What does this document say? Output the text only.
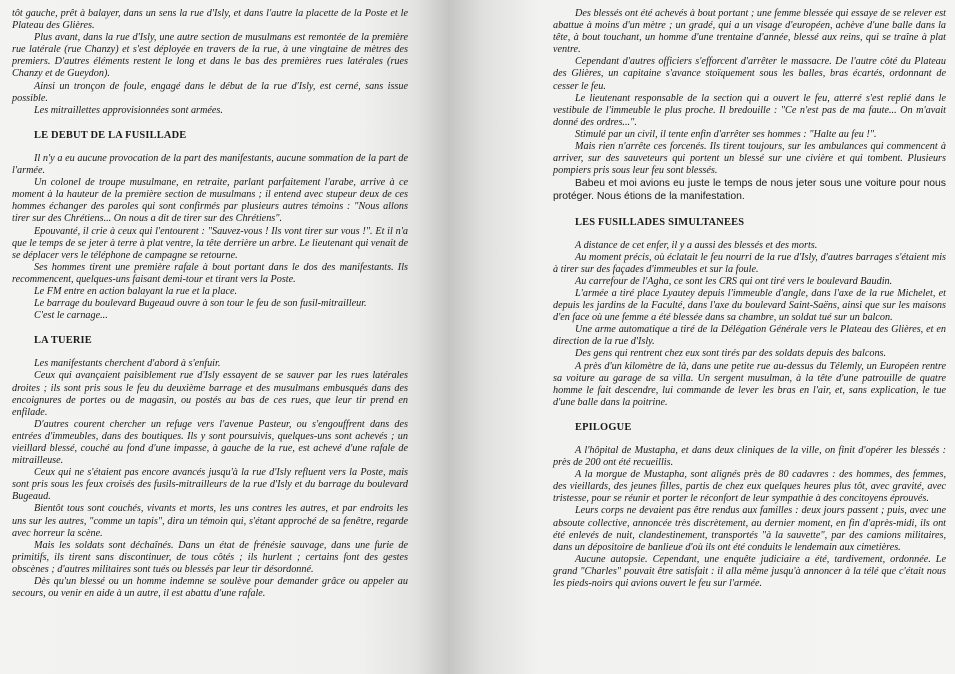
tôt gauche, prêt à balayer, dans un sens la rue d'Isly, et dans l'autre la placette de la Poste et le Plateau des Glières.

Plus avant, dans la rue d'Isly, une autre section de musulmans est remontée de la première rue latérale (rue Chanzy) et s'est déployée en travers de la rue, à une vingtaine de mètres des premiers. D'autres éléments restent le long et dans le bas des premières rues latérales (rues Chanzy et de Gueydon).

Ainsi un tronçon de foule, engagé dans le début de la rue d'Isly, est cerné, sans issue possible.

Les mitraillettes approvisionnées sont armées.

LE DEBUT DE LA FUSILLADE

Il n'y a eu aucune provocation de la part des manifestants, aucune sommation de la part de l'armée.

Un colonel de troupe musulmane, en retraite, parlant parfaitement l'arabe, arrive à ce moment à la hauteur de la première section de musulmans ; il entend avec stupeur deux de ces hommes échanger des paroles qui sont confirmés par plusieurs autres témoins : "Nous allons tirer sur des Chrétiens... On nous a dit de tirer sur des Chrétiens".

Epouvanté, il crie à ceux qui l'entourent : "Sauvez-vous ! Ils vont tirer sur vous !". Et il n'a que le temps de se jeter à terre à plat ventre, la tête derrière un arbre. Le lieutenant qui venait de se déplacer vers le téléphone de campagne se retourne.

Ses hommes tirent une première rafale à bout portant dans le dos des manifestants. Ils recommencent, quelques-uns faisant demi-tour et tirant vers la Poste.

Le FM entre en action balayant la rue et la place.

Le barrage du boulevard Bugeaud ouvre à son tour le feu de son fusil-mitrailleur.

C'est le carnage...

LA TUERIE

Les manifestants cherchent d'abord à s'enfuir.

Ceux qui avançaient paisiblement rue d'Isly essayent de se sauver par les rues latérales droites ; ils sont pris sous le feu du deuxième barrage et des musulmans embusqués dans des encoignures de portes ou de magasin, ou postés au bas de ces rues, que leur tir prend en enfilade.

D'autres courent chercher un refuge vers l'avenue Pasteur, ou s'engouffrent dans des entrées d'immeubles, dans des boutiques. Ils y sont poursuivis, quelques-uns sont achevés ; un vieillard blessé, couché au fond d'une impasse, à gauche de la rue, est achevé d'une rafale de mitrailleuse.

Ceux qui ne s'étaient pas encore avancés jusqu'à la rue d'Isly refluent vers la Poste, mais sont pris sous les feux croisés des fusils-mitrailleurs de la rue d'Isly et du barrage du boulevard Bugeaud.

Bientôt tous sont couchés, vivants et morts, les uns contres les autres, et par endroits les uns sur les autres, "comme un tapis", dira un témoin qui, s'étant approché de sa fenêtre, regarde avec horreur la scène.

Mais les soldats sont déchaînés. Dans un état de frénésie sauvage, dans une furie de primitifs, ils tirent sans discontinuer, de tous côtés ; ils hurlent ; certains font des gestes obscènes ; d'autres militaires sont tués ou blessés par leur tir désordonné.

Dès qu'un blessé ou un homme indemne se soulève pour demander grâce ou appeler au secours, ou venir en aide à un autre, il est abattu d'une rafale.

Des blessés ont été achevés à bout portant ; une femme blessée qui essaye de se relever est abattue à moins d'un mètre ; un gradé, qui a un visage d'européen, achève d'une balle dans la tête, à bout touchant, un homme d'une trentaine d'année, blessé aux reins, qui se traîne à plat ventre.

Cependant d'autres officiers s'efforcent d'arrêter le massacre. De l'autre côté du Plateau des Glières, un capitaine s'avance stoïquement sous les balles, bras écartés, ordonnant de cesser le feu.

Le lieutenant responsable de la section qui a ouvert le feu, atterré s'est replié dans le vestibule de l'immeuble le plus proche. Il bredouille : "Ce n'est pas de ma faute... On m'avait donné des ordres...".

Stimulé par un civil, il tente enfin d'arrêter ses hommes : "Halte au feu !".

Mais rien n'arrête ces forcenés. Ils tirent toujours, sur les ambulances qui commencent à arriver, sur des sauveteurs qui portent un blessé sur une civière et qui tombent. Plusieurs pompiers pris sous leur feu sont blessés.

Babeu et moi avions eu juste le temps de nous jeter sous une voiture pour nous protéger. Nous étions de la manifestation.

LES FUSILLADES SIMULTANEES

A distance de cet enfer, il y a aussi des blessés et des morts.

Au moment précis, où éclatait le feu nourri de la rue d'Isly, d'autres barrages s'étaient mis à tirer sur des façades d'immeubles et sur la foule.

Au carrefour de l'Agha, ce sont les CRS qui ont tiré vers le boulevard Baudin.

L'armée a tiré place Lyautey depuis l'immeuble d'angle, dans l'axe de la rue Michelet, et depuis les jardins de la Faculté, dans l'axe du boulevard Saint-Saëns, ainsi que sur les maisons d'en face où une femme a été blessée dans sa chambre, un soldat tué sur un balcon.

Une arme automatique a tiré de la Délégation Générale vers le Plateau des Glières, et en direction de la rue d'Isly.

Des gens qui rentrent chez eux sont tirés par des soldats depuis des balcons.

A près d'un kilomètre de là, dans une petite rue au-dessus du Télemly, un Européen rentre sa voiture au garage de sa villa. Un sergent musulman, à la tête d'une patrouille de quatre homme le fait descendre, lui commande de lever les bras en l'air, et, sans explication, le tue d'une balle dans la poitrine.

EPILOGUE

A l'hôpital de Mustapha, et dans deux cliniques de la ville, on finit d'opérer les blessés : près de 200 ont été recueillis.

A la morgue de Mustapha, sont alignés près de 80 cadavres : des hommes, des femmes, des vieillards, des jeunes filles, partis de chez eux quelques heures plus tôt, avec gravité, avec tristesse, pour se réunir et porter le réconfort de leur sympathie à des concitoyens éprouvés.

Leurs corps ne devaient pas être rendus aux familles : deux jours passent ; puis, avec une absoute collective, annoncée très discrètement, au dernier moment, en fin d'après-midi, ils ont été enlevés de nuit, clandestinement, transportés "à la sauvette", par des camions militaires, dans un dépositoire de banlieue d'où ils ont été conduits le lendemain aux cimetières.

Aucune autopsie. Cependant, une enquête judiciaire a été, tardivement, ordonnée. Le grand "Charles" pouvait être satisfait : il alla même jusqu'à annoncer à la télé que c'était nous les pieds-noirs qui avions ouvert le feu sur l'armée.
